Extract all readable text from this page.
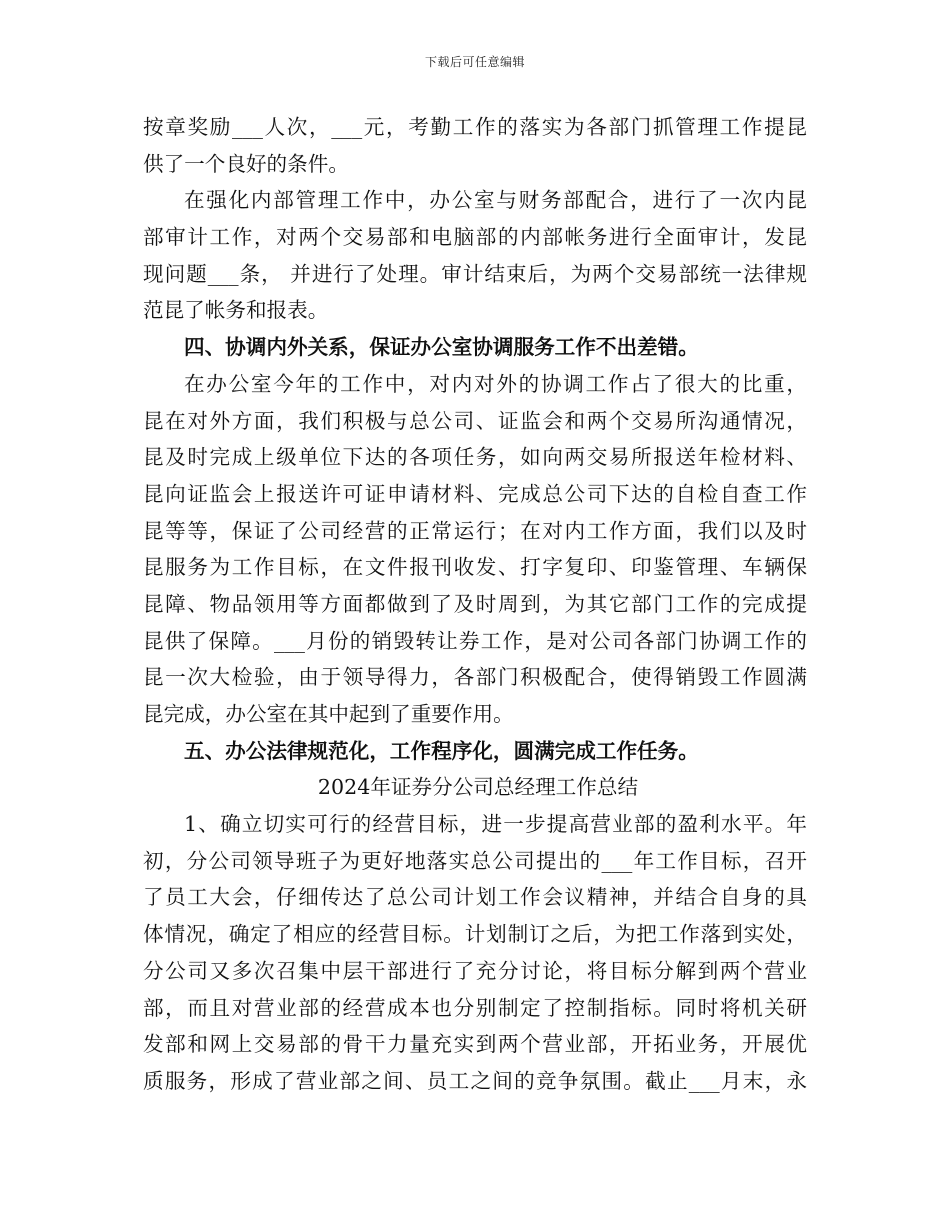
下载后可任意编辑
按章奖励___人次，___元，考勤工作的落实为各部门抓管理工作提昆
供了一个良好的条件。
在强化内部管理工作中，办公室与财务部配合，进行了一次内昆
部审计工作，对两个交易部和电脑部的内部帐务进行全面审计，发昆
现问题___条， 并进行了处理。审计结束后，为两个交易部统一法律规
范昆了帐务和报表。
四、协调内外关系，保证办公室协调服务工作不出差错。
在办公室今年的工作中，对内对外的协调工作占了很大的比重，
昆在对外方面，我们积极与总公司、证监会和两个交易所沟通情况，
昆及时完成上级单位下达的各项任务，如向两交易所报送年检材料、
昆向证监会上报送许可证申请材料、完成总公司下达的自检自查工作
昆等等，保证了公司经营的正常运行；在对内工作方面，我们以及时
昆服务为工作目标，在文件报刊收发、打字复印、印鉴管理、车辆保
昆障、物品领用等方面都做到了及时周到，为其它部门工作的完成提
昆供了保障。___月份的销毁转让券工作，是对公司各部门协调工作的
昆一次大检验，由于领导得力，各部门积极配合，使得销毁工作圆满
昆完成，办公室在其中起到了重要作用。
五、办公法律规范化，工作程序化，圆满完成工作任务。
2024年证券分公司总经理工作总结
1、确立切实可行的经营目标，进一步提高营业部的盈利水平。年
初，分公司领导班子为更好地落实总公司提出的___年工作目标，召开
了员工大会，仔细传达了总公司计划工作会议精神，并结合自身的具
体情况，确定了相应的经营目标。计划制订之后，为把工作落到实处，
分公司又多次召集中层干部进行了充分讨论，将目标分解到两个营业
部，而且对营业部的经营成本也分别制定了控制指标。同时将机关研
发部和网上交易部的骨干力量充实到两个营业部，开拓业务，开展优
质服务，形成了营业部之间、员工之间的竞争氛围。截止___月末，永
